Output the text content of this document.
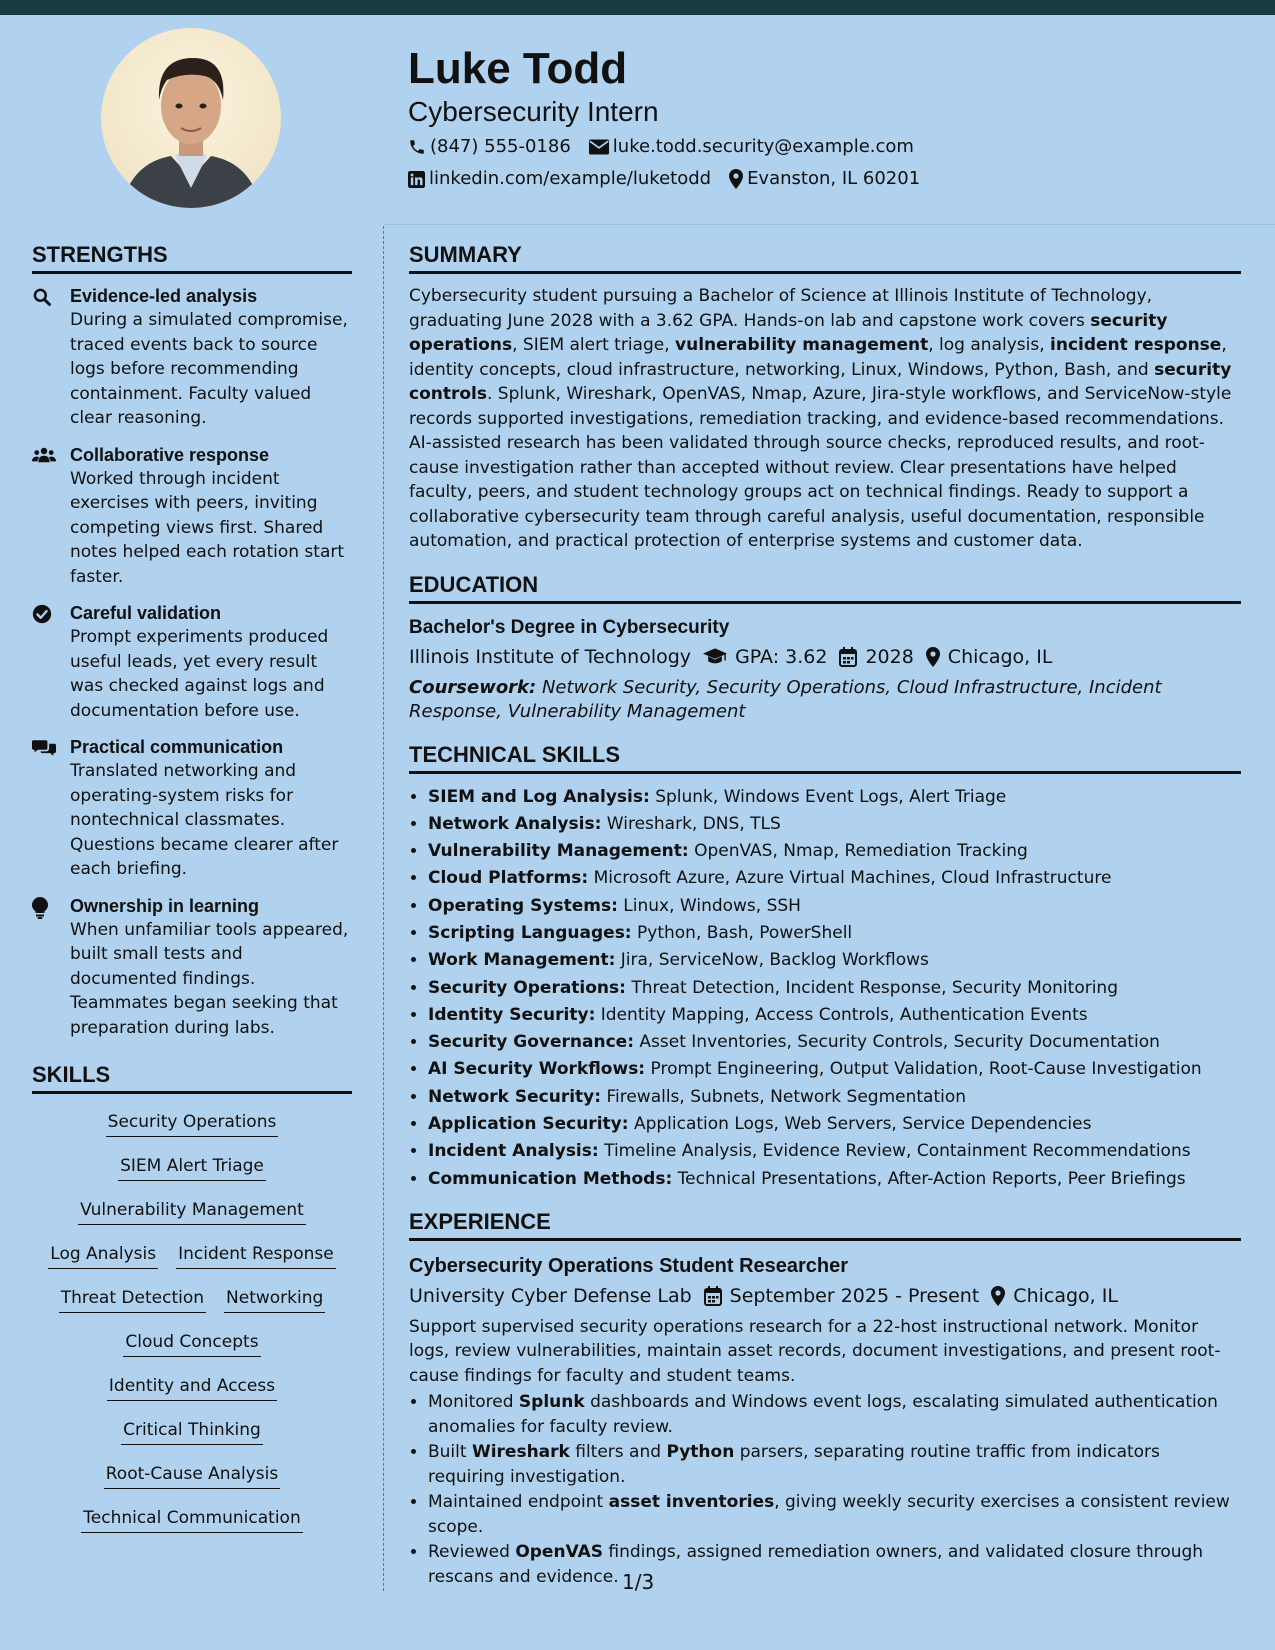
Luke Todd
Cybersecurity Intern
(847) 555-0186 luke.todd.security@example.com
linkedin.com/example/luketodd Evanston, IL 60201
STRENGTHS
Evidence-led analysis
During a simulated compromise, traced events back to source logs before recommending containment. Faculty valued clear reasoning.
Collaborative response
Worked through incident exercises with peers, inviting competing views first. Shared notes helped each rotation start faster.
Careful validation
Prompt experiments produced useful leads, yet every result was checked against logs and documentation before use.
Practical communication
Translated networking and operating-system risks for nontechnical classmates. Questions became clearer after each briefing.
Ownership in learning
When unfamiliar tools appeared, built small tests and documented findings. Teammates began seeking that preparation during labs.
SKILLS
Security Operations
SIEM Alert Triage
Vulnerability Management
Log Analysis Incident Response
Threat Detection Networking
Cloud Concepts
Identity and Access
Critical Thinking
Root-Cause Analysis
Technical Communication
SUMMARY
Cybersecurity student pursuing a Bachelor of Science at Illinois Institute of Technology, graduating June 2028 with a 3.62 GPA. Hands-on lab and capstone work covers security operations, SIEM alert triage, vulnerability management, log analysis, incident response, identity concepts, cloud infrastructure, networking, Linux, Windows, Python, Bash, and security controls. Splunk, Wireshark, OpenVAS, Nmap, Azure, Jira-style workflows, and ServiceNow-style records supported investigations, remediation tracking, and evidence-based recommendations. AI-assisted research has been validated through source checks, reproduced results, and root-cause investigation rather than accepted without review. Clear presentations have helped faculty, peers, and student technology groups act on technical findings. Ready to support a collaborative cybersecurity team through careful analysis, useful documentation, responsible automation, and practical protection of enterprise systems and customer data.
EDUCATION
Bachelor's Degree in Cybersecurity
Illinois Institute of Technology GPA: 3.62 2028 Chicago, IL
Coursework: Network Security, Security Operations, Cloud Infrastructure, Incident Response, Vulnerability Management
TECHNICAL SKILLS
• SIEM and Log Analysis: Splunk, Windows Event Logs, Alert Triage
• Network Analysis: Wireshark, DNS, TLS
• Vulnerability Management: OpenVAS, Nmap, Remediation Tracking
• Cloud Platforms: Microsoft Azure, Azure Virtual Machines, Cloud Infrastructure
• Operating Systems: Linux, Windows, SSH
• Scripting Languages: Python, Bash, PowerShell
• Work Management: Jira, ServiceNow, Backlog Workflows
• Security Operations: Threat Detection, Incident Response, Security Monitoring
• Identity Security: Identity Mapping, Access Controls, Authentication Events
• Security Governance: Asset Inventories, Security Controls, Security Documentation
• AI Security Workflows: Prompt Engineering, Output Validation, Root-Cause Investigation
• Network Security: Firewalls, Subnets, Network Segmentation
• Application Security: Application Logs, Web Servers, Service Dependencies
• Incident Analysis: Timeline Analysis, Evidence Review, Containment Recommendations
• Communication Methods: Technical Presentations, After-Action Reports, Peer Briefings
EXPERIENCE
Cybersecurity Operations Student Researcher
University Cyber Defense Lab September 2025 - Present Chicago, IL
Support supervised security operations research for a 22-host instructional network. Monitor logs, review vulnerabilities, maintain asset records, document investigations, and present root-cause findings for faculty and student teams.
• Monitored Splunk dashboards and Windows event logs, escalating simulated authentication anomalies for faculty review.
• Built Wireshark filters and Python parsers, separating routine traffic from indicators requiring investigation.
• Maintained endpoint asset inventories, giving weekly security exercises a consistent review scope.
• Reviewed OpenVAS findings, assigned remediation owners, and validated closure through rescans and evidence. 1/3
